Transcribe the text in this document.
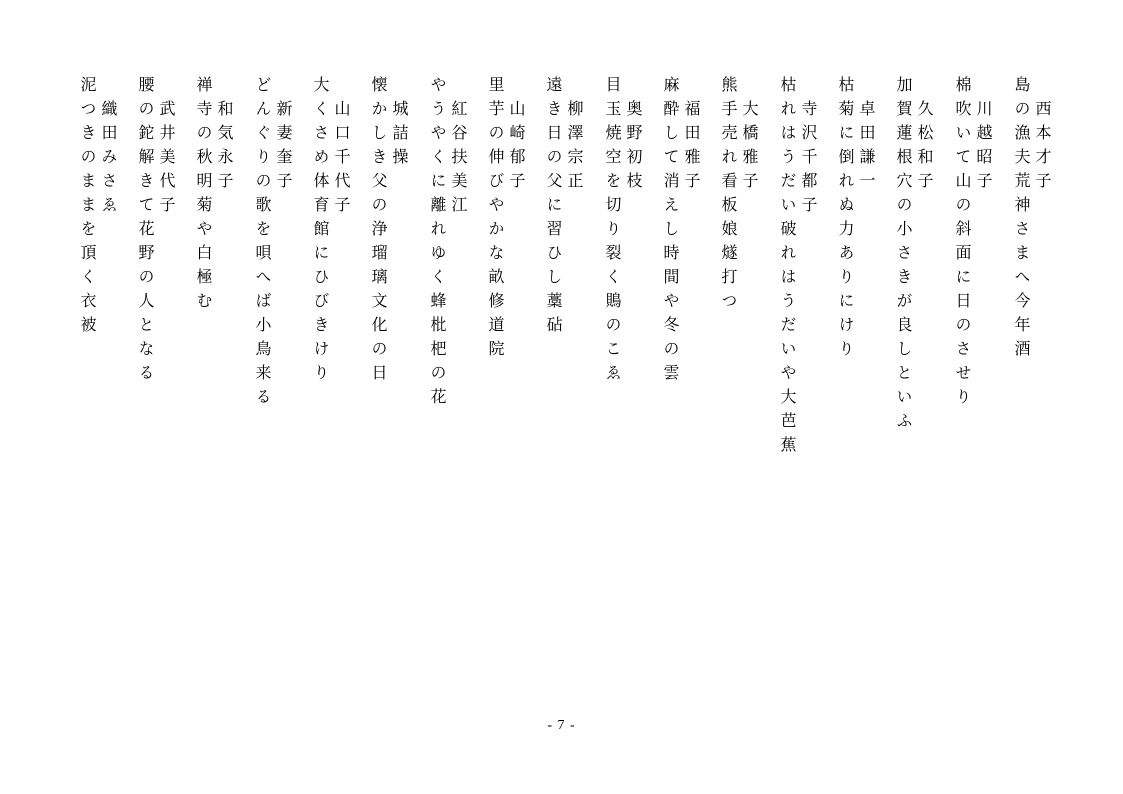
島の漁夫荒神さまへ今年酒 西本才子
棉吹いて山の斜面に日のさせり 川越昭子
加賀蓮根穴の小さきが良しといふ 久松和子
枯菊に倒れぬ力ありにけり 卓田謙一
枯れはうだい破れはうだいや大芭蕉 寺沢千都子
熊手売れ看板娘燧打つ 大橋雅子
麻酔して消えし時間や冬の雲 福田雅子
目玉焼空を切り裂く鵙のこゑ 奥野初枝
遠き日の父に習ひし藁砧 柳澤宗正
里芋の伸びやかな畝修道院 山崎郁子
やうやくに離れゆく蜂枇杷の花 紅谷扶美江
懐かしき父の浄瑠璃文化の日 城詰操
大くさめ体育館にひびきけり 山口千代子
どんぐりの歌を唄へば小鳥来る 新妻奎子
禅寺の秋明菊や白極む 和気永子
腰の鉈解きて花野の人となる 武井美代子
泥つきのままを頂く衣被 織田みさゑ
- 7 -
